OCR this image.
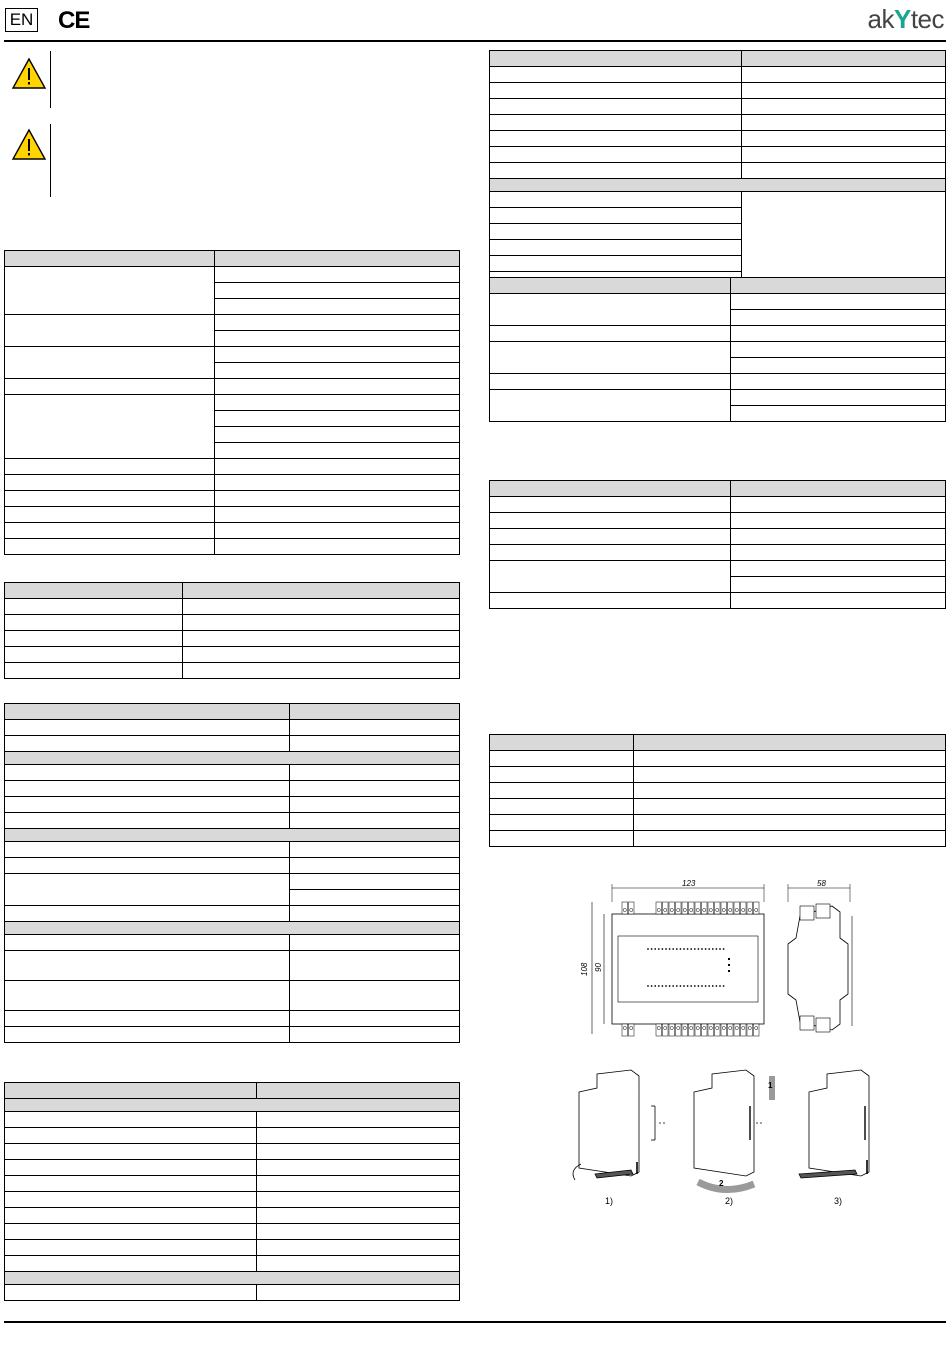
EN CE	akYtec

123
108 90
58
1
2
1)	2)	3)
